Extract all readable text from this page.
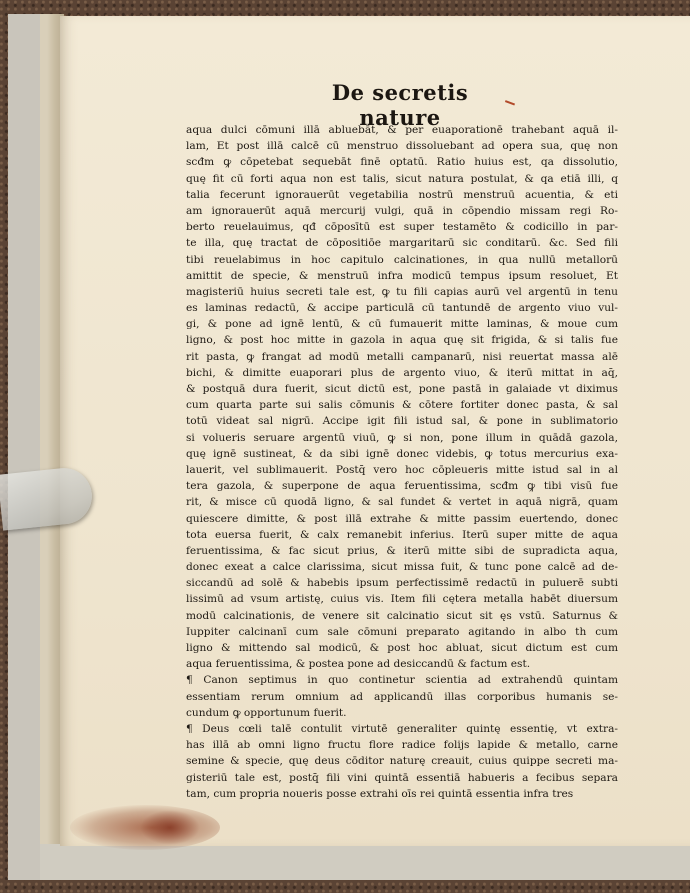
De secretis nature
aqua dulci cōmuni illā abluebāt, & per euaporationē trahebant aquā il-
lam, Et post illā calcē cū menstruo dissoluebant ad opera sua, quę non
scđm ꝙ cōpetebat sequebāt finē optatū. Ratio huius est, qa dissolutio,
quę fit cū forti aqua non est talis, sicut natura postulat, & qa etiā illi, q
talia fecerunt ignorauerūt vegetabilia nostrū menstruū acuentia, & eti
am ignorauerūt aquā mercurij vulgi, quā in cōpendio missam regi Ro-
berto reuelauimus, qđ cōposītū est super testamēto & codicillo in par-
te illa, quę tractat de cōpositiōe margaritarū sic conditarū. &c. Sed fili
tibi reuelabimus in hoc capitulo calcinationes, in qua nullū metallorū
amittit de specie, & menstruū infra modicū tempus ipsum resoluet, Et
magisteriū huius secreti tale est, ꝙ tu fili capias aurū vel argentū in tenu
es laminas redactū, & accipe particulā cū tantundē de argento viuo vul-
gi, & pone ad ignē lentū, & cū fumauerit mitte laminas, & moue cum
ligno, & post hoc mitte in gazola in aqua quę sit frigida, & si talis fue
rit pasta, ꝙ frangat ad modū metalli campanarū, nisi reuertat massa alē
bichi, & dimitte euaporari plus de argento viuo, & iterū mittat in aq̄,
& postquā dura fuerit, sicut dictū est, pone pastā in galaiade vt diximus
cum quarta parte sui salis cōmunis & cōtere fortiter donec pasta, & sal
totū videat sal nigrū. Accipe igit fili istud sal, & pone in sublimatorio
si volueris seruare argentū viuū, ꝙ si non, pone illum in quādā gazola,
quę ignē sustineat, & da sibi ignē donec videbis, ꝙ totus mercurius exa-
lauerit, vel sublimauerit. Postq̄ vero hoc cōpleueris mitte istud sal in al
tera gazola, & superpone de aqua feruentissima, scđm ꝙ tibi visū fue
rit, & misce cū quodā ligno, & sal fundet & vertet in aquā nigrā, quam
quiescere dimitte, & post illā extrahe & mitte passim euertendo, donec
tota euersa fuerit, & calx remanebit inferius. Iterū super mitte de aqua
feruentissima, & fac sicut prius, & iterū mitte sibi de supradicta aqua,
donec exeat a calce clarissima, sicut missa fuit, & tunc pone calcē ad de-
siccandū ad solē & habebis ipsum perfectissimē redactū in puluerē subti
lissimū ad vsum artistę, cuius vis. Item fili cętera metalla habēt diuersum
modū calcinationis, de venere sit calcinatio sicut sit ęs vstū. Saturnus &
Iuppiter calcinanī cum sale cōmuni preparato agitando in albo th cum
ligno & mittendo sal modicū, & post hoc abluat, sicut dictum est cum
aqua feruentissima, & postea pone ad desiccandū & factum est.
¶ Canon septimus in quo continetur scientia ad extrahendū quintam
essentiam rerum omnium ad applicandū illas corporibus humanis se-
cundum ꝙ opportunum fuerit.
¶ Deus cœli talē contulit virtutē generaliter quintę essentię, vt extra-
has illā ab omni ligno fructu flore radice folijs lapide & metallo, carne
semine & specie, quę deus cōditor naturę creauit, cuius quippe secreti ma-
gisteriū tale est, postq̄ fili vini quintā essentiā habueris a fecibus separa
tam, cum propria noueris posse extrahi oīs rei quintā essentia infra tres
